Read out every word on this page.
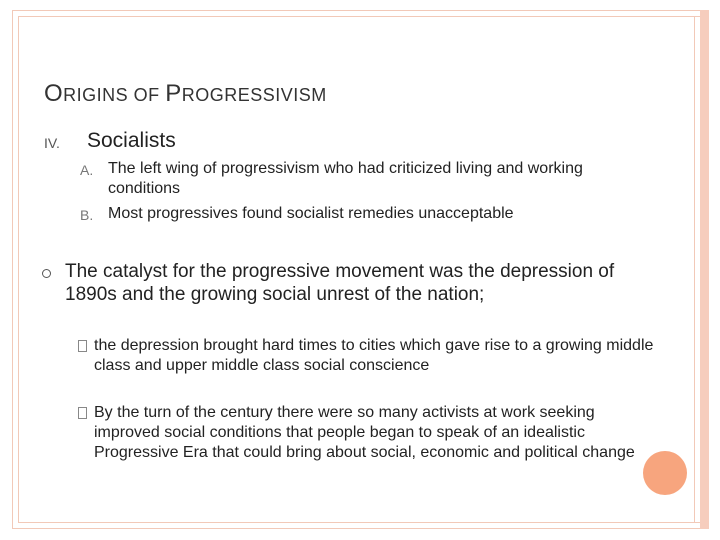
ORIGINS OF PROGRESSIVISM
IV. Socialists
A. The left wing of progressivism who had criticized living and working conditions
B. Most progressives found socialist remedies unacceptable
The catalyst for the progressive movement was the depression of 1890s and the growing social unrest of the nation;
the depression brought hard times to cities which gave rise to a growing middle class and upper middle class social conscience
By the turn of the century there were so many activists at work seeking improved social conditions that people began to speak of an idealistic Progressive Era that could bring about social, economic and political change
